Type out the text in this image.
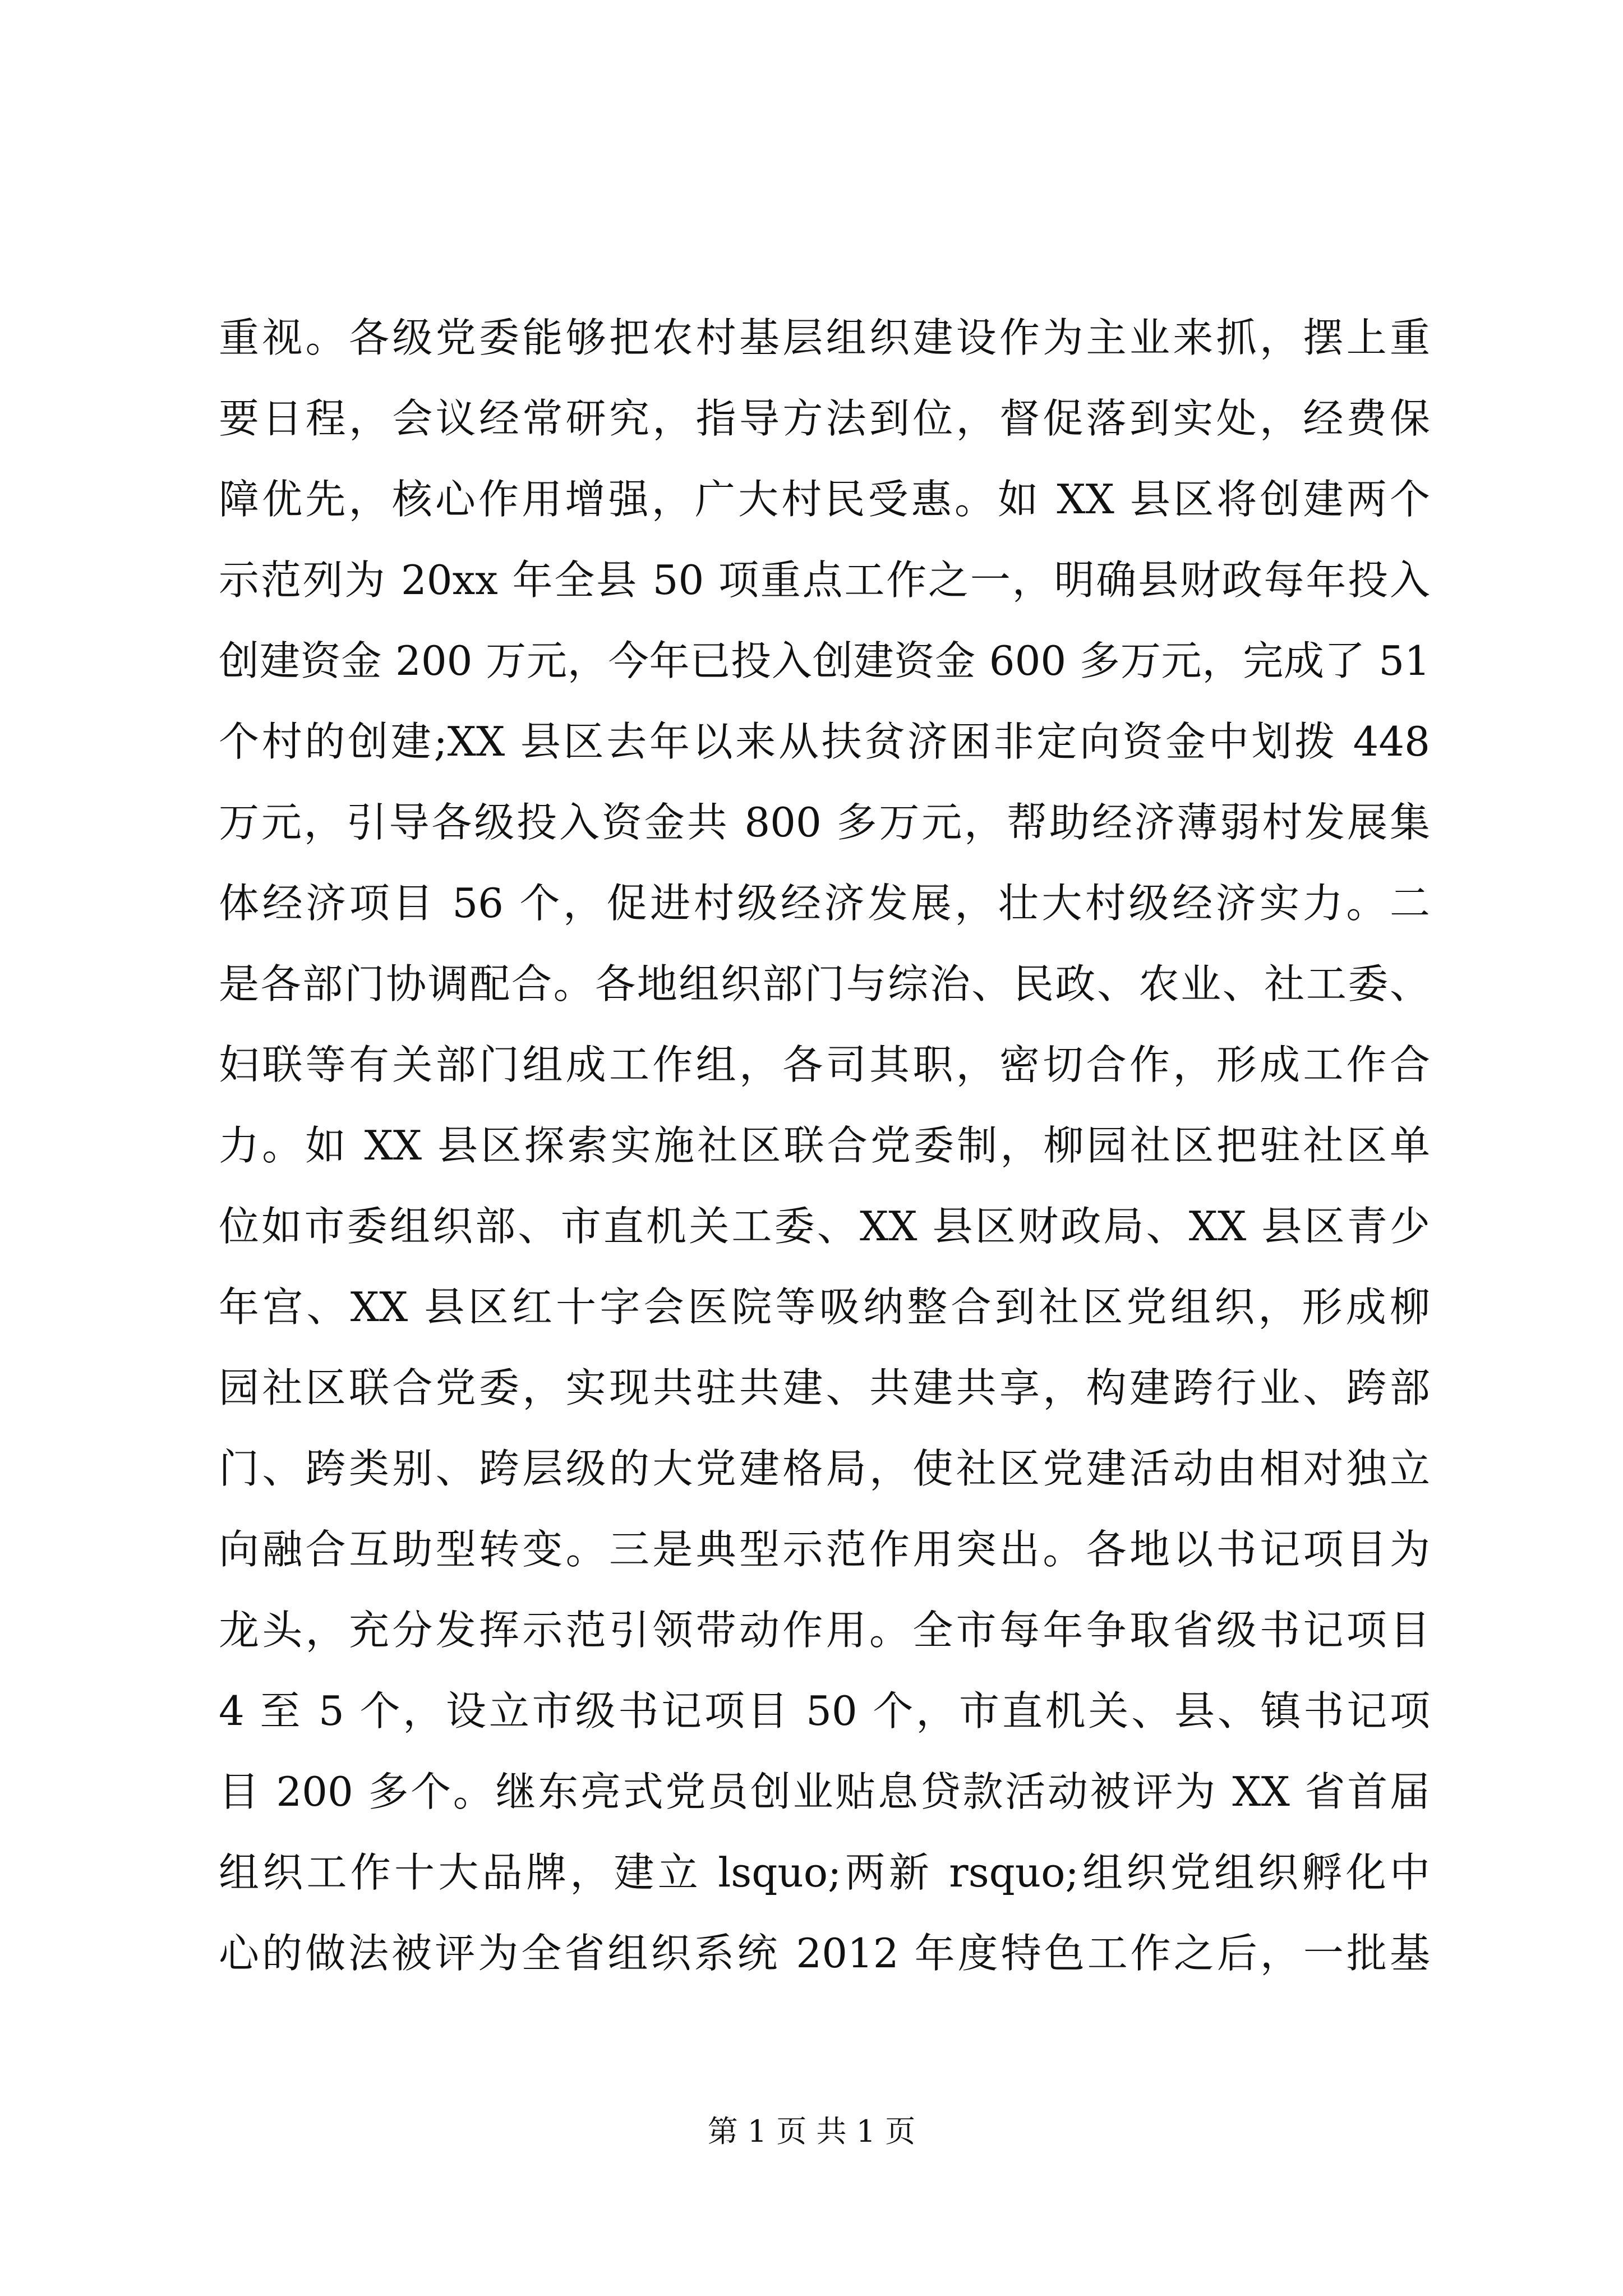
重视。各级党委能够把农村基层组织建设作为主业来抓，摆上重
要日程，会议经常研究，指导方法到位，督促落到实处，经费保
障优先，核心作用增强，广大村民受惠。如 XX 县区将创建两个
示范列为 20xx 年全县 50 项重点工作之一，明确县财政每年投入
创建资金 200 万元，今年已投入创建资金 600 多万元，完成了 51
个村的创建;XX 县区去年以来从扶贫济困非定向资金中划拨 448
万元，引导各级投入资金共 800 多万元，帮助经济薄弱村发展集
体经济项目 56 个，促进村级经济发展，壮大村级经济实力。二
是各部门协调配合。各地组织部门与综治、民政、农业、社工委、
妇联等有关部门组成工作组，各司其职，密切合作，形成工作合
力。如 XX 县区探索实施社区联合党委制，柳园社区把驻社区单
位如市委组织部、市直机关工委、XX 县区财政局、XX 县区青少
年宫、XX 县区红十字会医院等吸纳整合到社区党组织，形成柳
园社区联合党委，实现共驻共建、共建共享，构建跨行业、跨部
门、跨类别、跨层级的大党建格局，使社区党建活动由相对独立
向融合互助型转变。三是典型示范作用突出。各地以书记项目为
龙头，充分发挥示范引领带动作用。全市每年争取省级书记项目
4 至 5 个，设立市级书记项目 50 个，市直机关、县、镇书记项
目 200 多个。继东亮式党员创业贴息贷款活动被评为 XX 省首届
组织工作十大品牌，建立 lsquo;两新 rsquo;组织党组织孵化中
心的做法被评为全省组织系统 2012 年度特色工作之后，一批基
第 1 页 共 1 页
